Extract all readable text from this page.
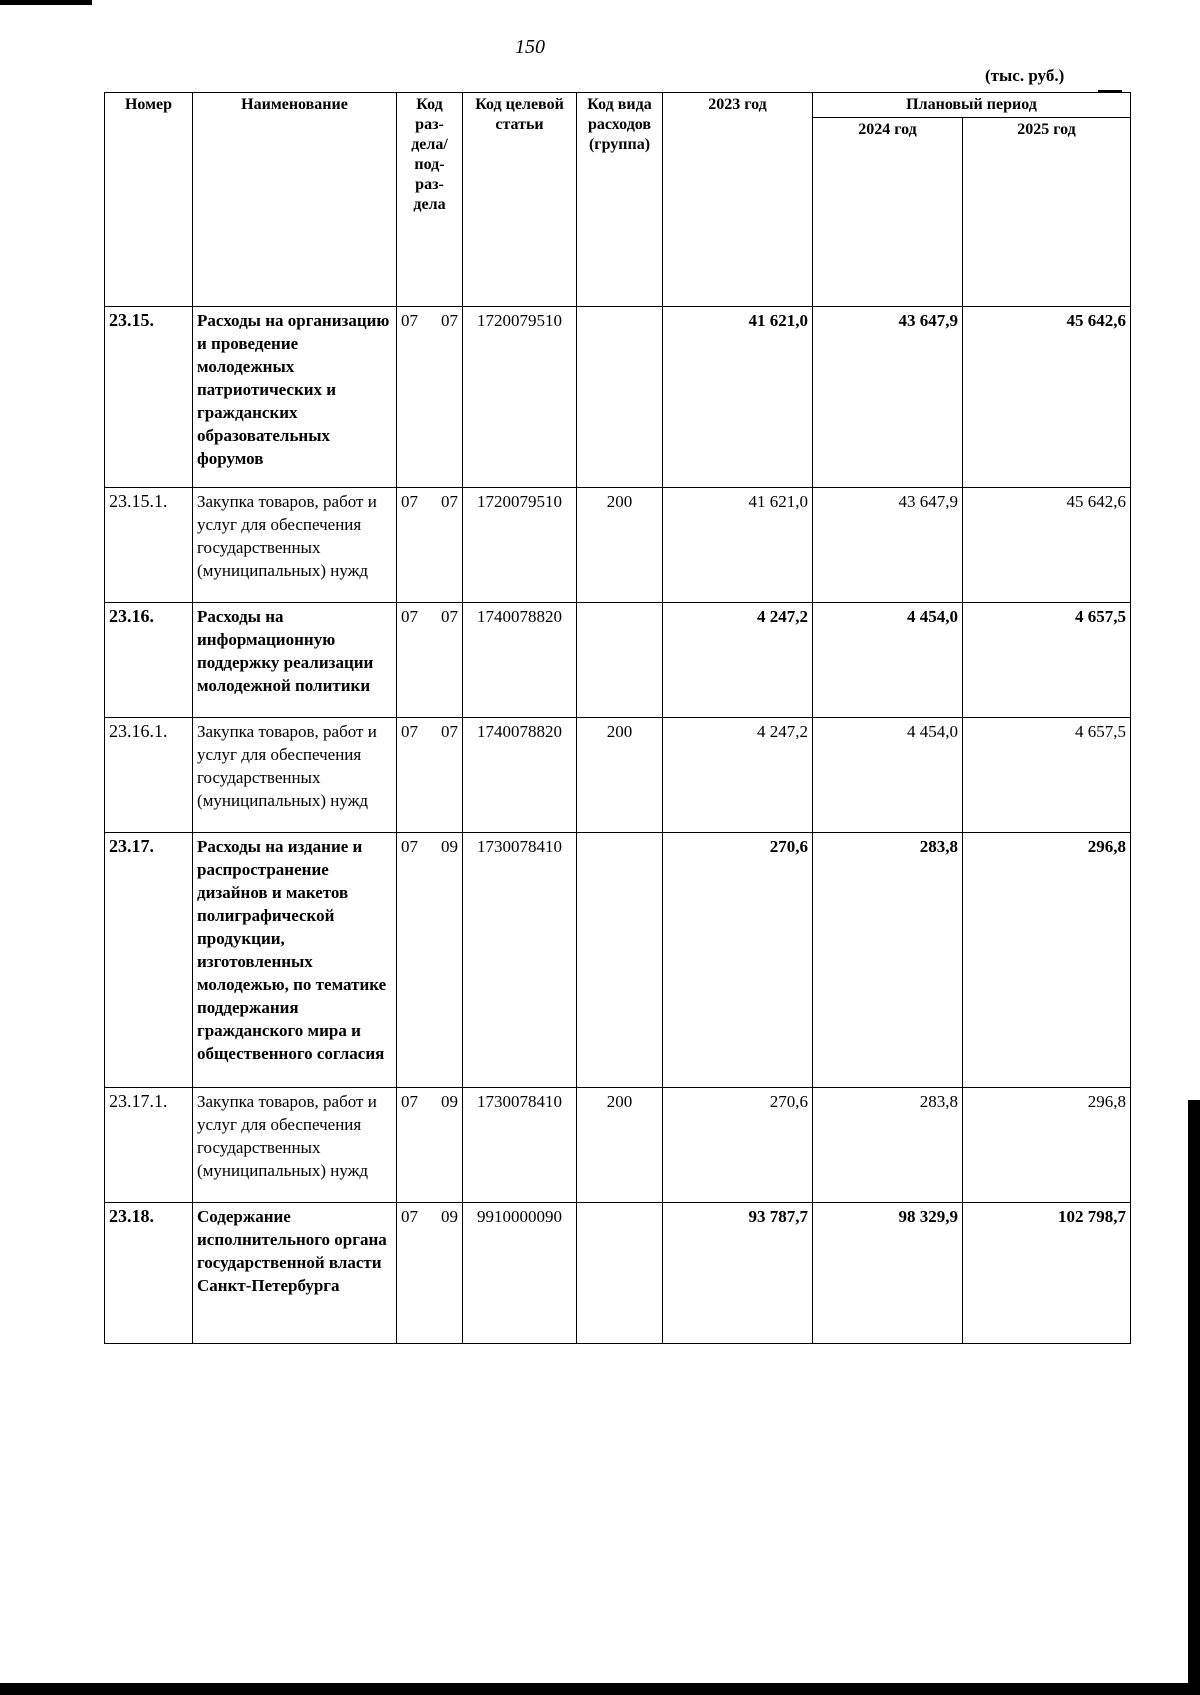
150
(тыс. руб.)
Номер	Наименование	Код раз-дела/ под-раз-дела	Код целевой статьи	Код вида расходов (группа)	2023 год	Плановый период	
						2024 год	2025 год
23.15.	Расходы на организацию и проведение молодежных патриотических и гражданских образовательных форумов	07 07	1720079510		41 621,0	43 647,9	45 642,6
23.15.1.	Закупка товаров, работ и услуг для обеспечения государственных (муниципальных) нужд	07 07	1720079510	200	41 621,0	43 647,9	45 642,6
23.16.	Расходы на информационную поддержку реализации молодежной политики	07 07	1740078820		4 247,2	4 454,0	4 657,5
23.16.1.	Закупка товаров, работ и услуг для обеспечения государственных (муниципальных) нужд	07 07	1740078820	200	4 247,2	4 454,0	4 657,5
23.17.	Расходы на издание и распространение дизайнов и макетов полиграфической продукции, изготовленных молодежью, по тематике поддержания гражданского мира и общественного согласия	07 09	1730078410		270,6	283,8	296,8
23.17.1.	Закупка товаров, работ и услуг для обеспечения государственных (муниципальных) нужд	07 09	1730078410	200	270,6	283,8	296,8
23.18.	Содержание исполнительного органа государственной власти Санкт-Петербурга	07 09	9910000090		93 787,7	98 329,9	102 798,7
